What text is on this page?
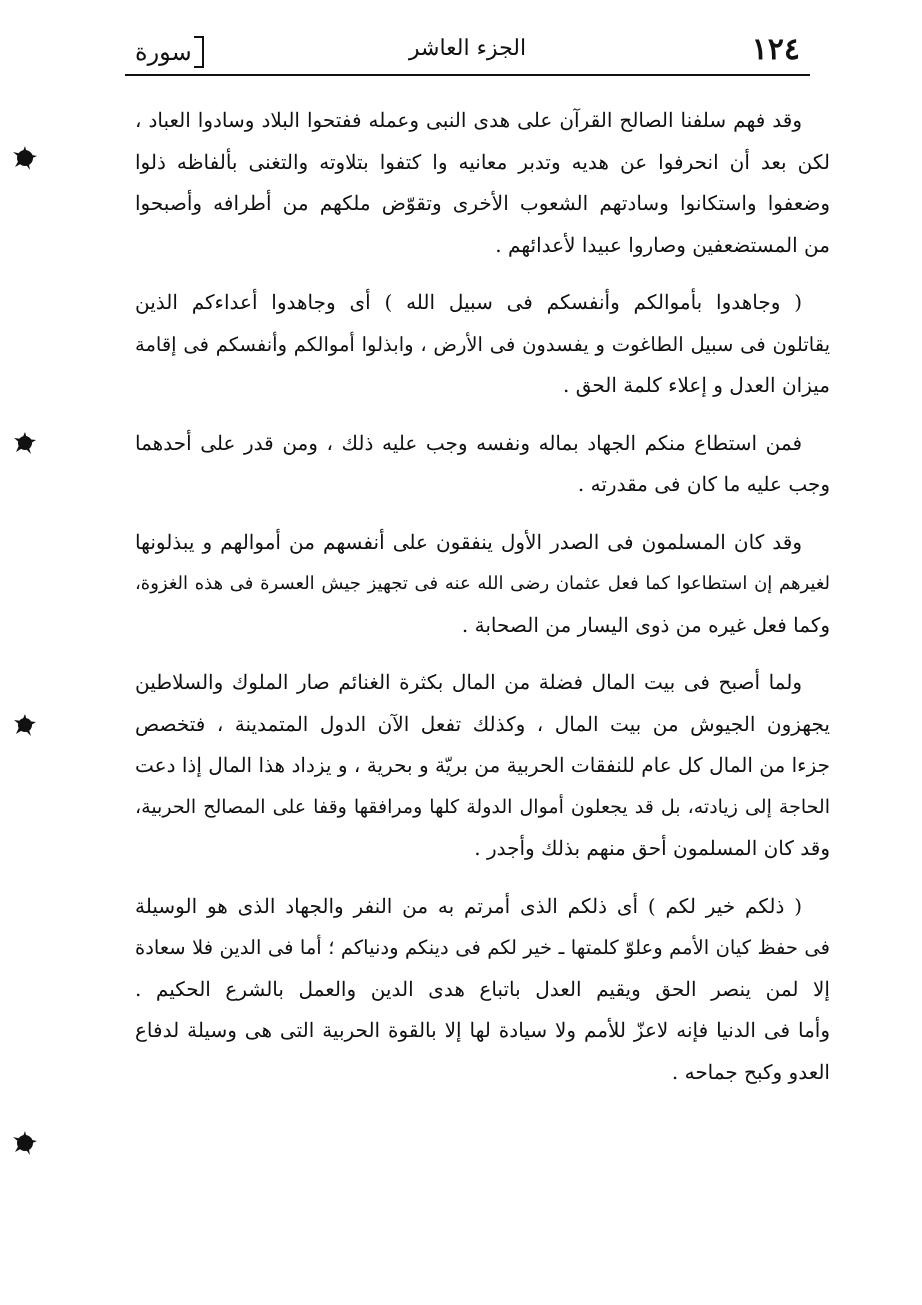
سورة	الجزء العاشر	١٢٤
وقد فهم سلفنا الصالح القرآن على هدى النبى وعمله ففتحوا البلاد وسادوا العباد ،
لكن بعد أن انحرفوا عن هديه وتدبر معانيه وا كتفوا بتلاوته والتغنى بألفاظه ذلوا
وضعفوا واستكانوا وسادتهم الشعوب الأخرى وتقوّض ملكهم من أطرافه وأصبحوا
من المستضعفين وصاروا عبيدا لأعدائهم .
( وجاهدوا بأموالكم وأنفسكم فى سبيل الله ) أى وجاهدوا أعداءكم الذين
يقاتلون فى سبيل الطاغوت و يفسدون فى الأرض ، وابذلوا أموالكم وأنفسكم فى إقامة
ميزان العدل و إعلاء كلمة الحق .
فمن استطاع منكم الجهاد بماله ونفسه وجب عليه ذلك ، ومن قدر على أحدهما
وجب عليه ما كان فى مقدرته .
وقد كان المسلمون فى الصدر الأول ينفقون على أنفسهم من أموالهم و يبذلونها
لغيرهم إن استطاعوا كما فعل عثمان رضى الله عنه فى تجهيز جيش العسرة فى هذه الغزوة،
وكما فعل غيره من ذوى اليسار من الصحابة .
ولما أصبح فى بيت المال فضلة من المال بكثرة الغنائم صار الملوك والسلاطين
يجهزون الجيوش من بيت المال ، وكذلك تفعل الآن الدول المتمدينة ، فتخصص
جزءا من المال كل عام للنفقات الحربية من بريّة و بحرية ، و يزداد هذا المال إذا دعت
الحاجة إلى زيادته، بل قد يجعلون أموال الدولة كلها ومرافقها وقفا على المصالح الحربية،
وقد كان المسلمون أحق منهم بذلك وأجدر .
( ذلكم خير لكم ) أى ذلكم الذى أمرتم به من النفر والجهاد الذى هو الوسيلة
فى حفظ كيان الأمم وعلوّ كلمتها ـ خير لكم فى دينكم ودنياكم ؛ أما فى الدين فلا سعادة
إلا لمن ينصر الحق ويقيم العدل باتباع هدى الدين والعمل بالشرع الحكيم .
وأما فى الدنيا فإنه لاعزّ للأمم ولا سيادة لها إلا بالقوة الحربية التى هى وسيلة لدفاع
العدو وكبح جماحه .
